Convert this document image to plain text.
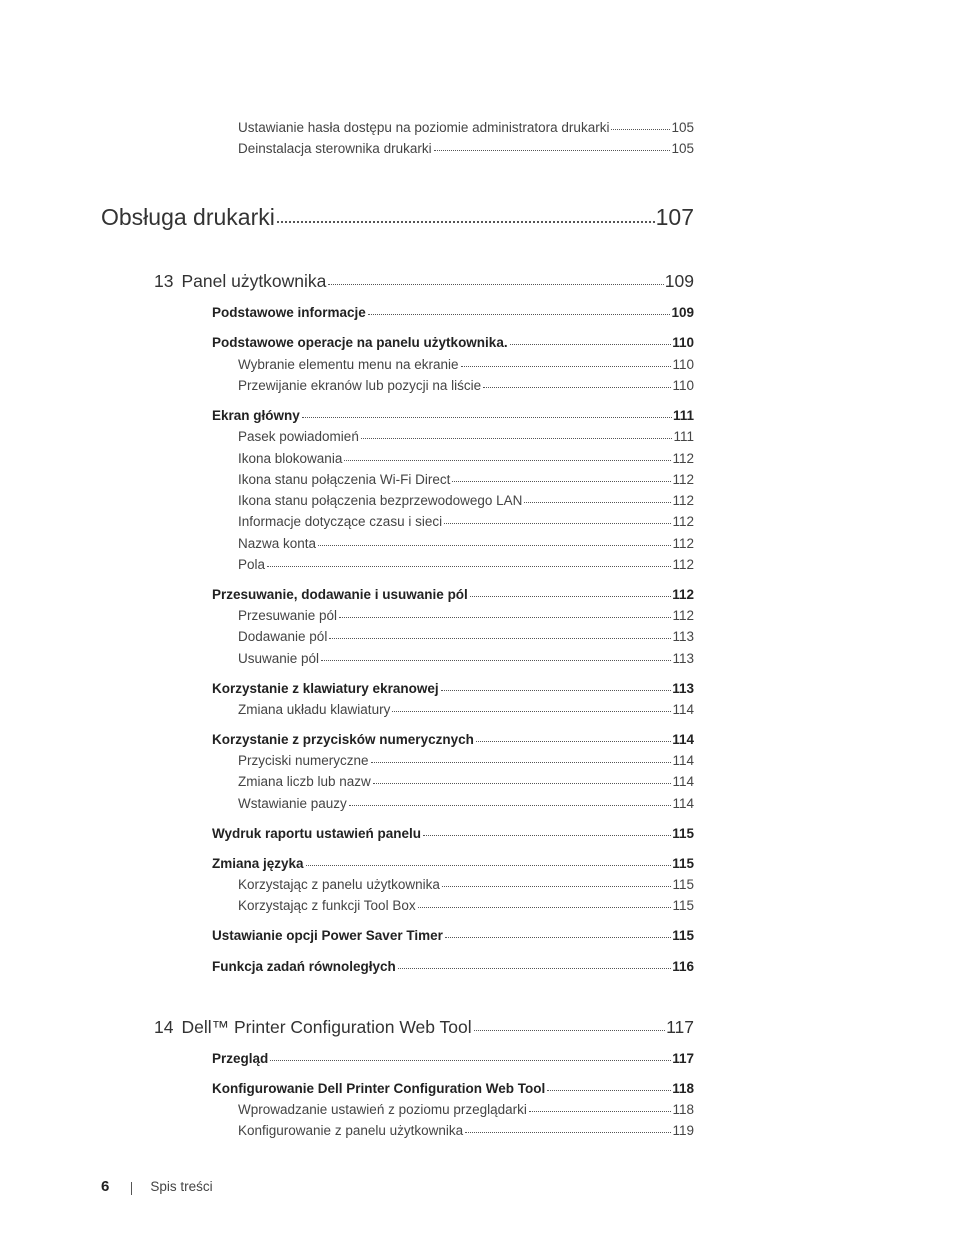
Ustawianie hasła dostępu na poziomie administratora drukarki	105
Deinstalacja sterownika drukarki	105
Obsługa drukarki	107
13 Panel użytkownika	109
Podstawowe informacje	109
Podstawowe operacje na panelu użytkownika.	110
Wybranie elementu menu na ekranie	110
Przewijanie ekranów lub pozycji na liście	110
Ekran główny	111
Pasek powiadomień	111
Ikona blokowania	112
Ikona stanu połączenia Wi-Fi Direct	112
Ikona stanu połączenia bezprzewodowego LAN	112
Informacje dotyczące czasu i sieci	112
Nazwa konta	112
Pola	112
Przesuwanie, dodawanie i usuwanie pól	112
Przesuwanie pól	112
Dodawanie pól	113
Usuwanie pól	113
Korzystanie z klawiatury ekranowej	113
Zmiana układu klawiatury	114
Korzystanie z przycisków numerycznych	114
Przyciski numeryczne	114
Zmiana liczb lub nazw	114
Wstawianie pauzy	114
Wydruk raportu ustawień panelu	115
Zmiana języka	115
Korzystając z panelu użytkownika	115
Korzystając z funkcji Tool Box	115
Ustawianie opcji Power Saver Timer	115
Funkcja zadań równoległych	116
14 Dell™ Printer Configuration Web Tool	117
Przegląd	117
Konfigurowanie Dell Printer Configuration Web Tool	118
Wprowadzanie ustawień z poziomu przeglądarki	118
Konfigurowanie z panelu użytkownika	119
6	Spis treści
